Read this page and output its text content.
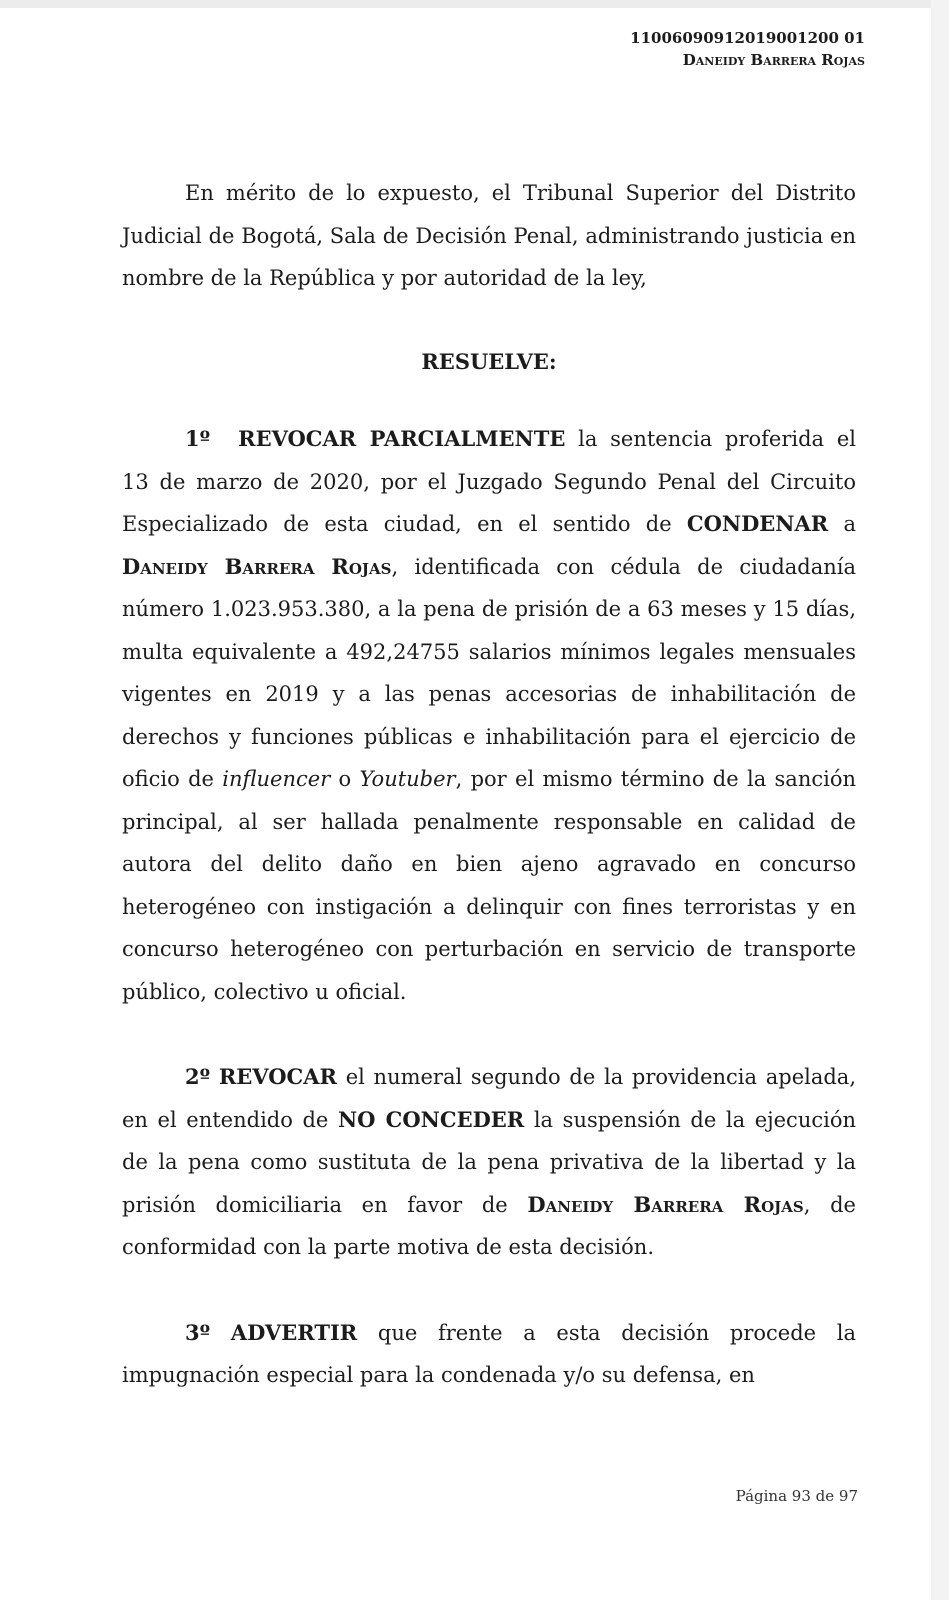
11006090912019001200 01
Daneidy Barrera Rojas

En mérito de lo expuesto, el Tribunal Superior del Distrito Judicial de Bogotá, Sala de Decisión Penal, administrando justicia en nombre de la República y por autoridad de la ley,

RESUELVE:

1º REVOCAR PARCIALMENTE la sentencia proferida el 13 de marzo de 2020, por el Juzgado Segundo Penal del Circuito Especializado de esta ciudad, en el sentido de CONDENAR a Daneidy Barrera Rojas, identificada con cédula de ciudadanía número 1.023.953.380, a la pena de prisión de a 63 meses y 15 días, multa equivalente a 492,24755 salarios mínimos legales mensuales vigentes en 2019 y a las penas accesorias de inhabilitación de derechos y funciones públicas e inhabilitación para el ejercicio de oficio de influencer o Youtuber, por el mismo término de la sanción principal, al ser hallada penalmente responsable en calidad de autora del delito daño en bien ajeno agravado en concurso heterogéneo con instigación a delinquir con fines terroristas y en concurso heterogéneo con perturbación en servicio de transporte público, colectivo u oficial.

2º REVOCAR el numeral segundo de la providencia apelada, en el entendido de NO CONCEDER la suspensión de la ejecución de la pena como sustituta de la pena privativa de la libertad y la prisión domiciliaria en favor de Daneidy Barrera Rojas, de conformidad con la parte motiva de esta decisión.

3º ADVERTIR que frente a esta decisión procede la impugnación especial para la condenada y/o su defensa, en

Página 93 de 97
